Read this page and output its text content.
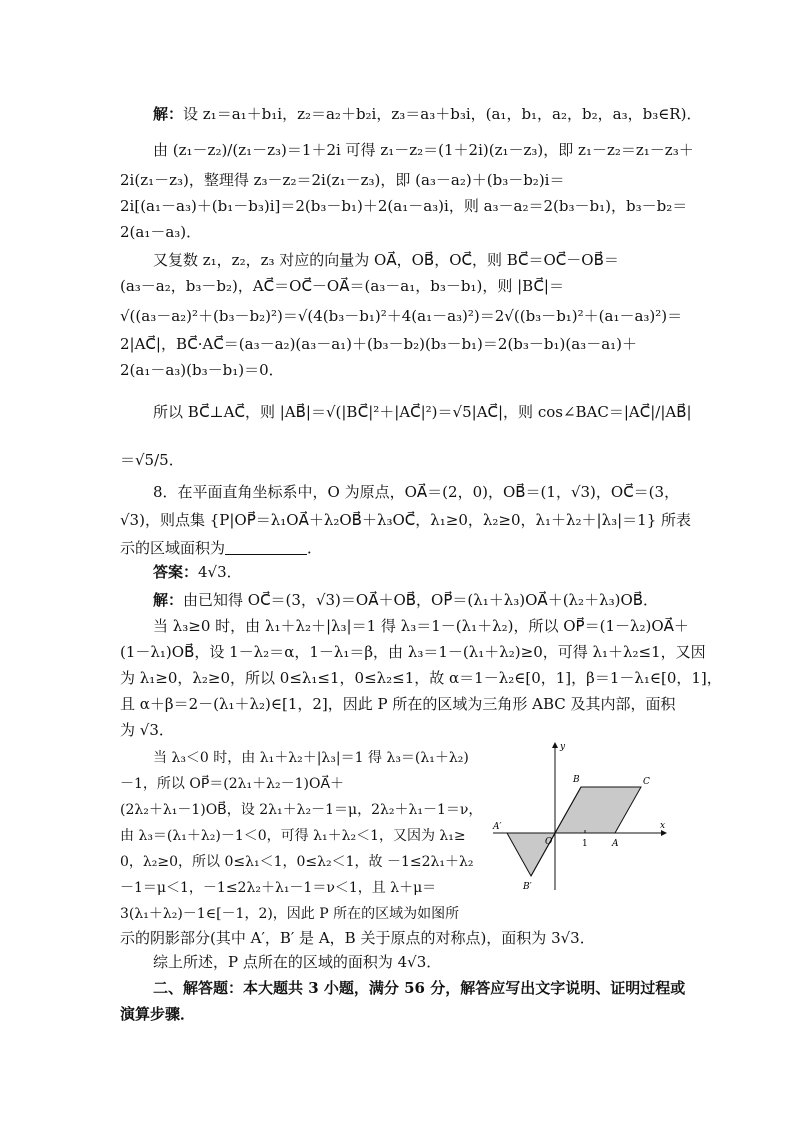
解：设 z₁＝a₁＋b₁i，z₂＝a₂＋b₂i，z₃＝a₃＋b₃i，(a₁，b₁，a₂，b₂，a₃，b₃∈R)．
由 (z₁－z₂)/(z₁－z₃)＝1＋2i 可得 z₁－z₂＝(1＋2i)(z₁－z₃)，即 z₁－z₂＝z₁－z₃＋
2i(z₁－z₃)，整理得 z₃－z₂＝2i(z₁－z₃)，即 (a₃－a₂)＋(b₃－b₂)i＝
2i[(a₁－a₃)＋(b₁－b₃)i]＝2(b₃－b₁)＋2(a₁－a₃)i，则 a₃－a₂＝2(b₃－b₁)，b₃－b₂＝
2(a₁－a₃)．
又复数 z₁，z₂，z₃ 对应的向量为 OA⃗，OB⃗，OC⃗，则 BC⃗＝OC⃗－OB⃗＝
(a₃－a₂，b₃－b₂)，AC⃗＝OC⃗－OA⃗＝(a₃－a₁，b₃－b₁)，则 |BC⃗|＝
√((a₃－a₂)²＋(b₃－b₂)²)＝√(4(b₃－b₁)²＋4(a₁－a₃)²)＝2√((b₃－b₁)²＋(a₁－a₃)²)＝
2|AC⃗|，BC⃗·AC⃗＝(a₃－a₂)(a₃－a₁)＋(b₃－b₂)(b₃－b₁)＝2(b₃－b₁)(a₃－a₁)＋
2(a₁－a₃)(b₃－b₁)＝0．
所以 BC⃗⊥AC⃗，则 |AB⃗|＝√(|BC⃗|²＋|AC⃗|²)＝√5|AC⃗|，则 cos∠BAC＝|AC⃗|/|AB⃗|
＝√5/5．
8．在平面直角坐标系中，O 为原点，OA⃗＝(2，0)，OB⃗＝(1，√3)，OC⃗＝(3，
√3)，则点集 {P|OP⃗＝λ₁OA⃗＋λ₂OB⃗＋λ₃OC⃗，λ₁≥0，λ₂≥0，λ₁＋λ₂＋|λ₃|＝1} 所表
示的区域面积为	．
答案：4√3．
解：由已知得 OC⃗＝(3，√3)＝OA⃗＋OB⃗，OP⃗＝(λ₁＋λ₃)OA⃗＋(λ₂＋λ₃)OB⃗．
当 λ₃≥0 时，由 λ₁＋λ₂＋|λ₃|＝1 得 λ₃＝1－(λ₁＋λ₂)，所以 OP⃗＝(1－λ₂)OA⃗＋
(1－λ₁)OB⃗，设 1－λ₂＝α，1－λ₁＝β，由 λ₃＝1－(λ₁＋λ₂)≥0，可得 λ₁＋λ₂≤1，又因
为 λ₁≥0，λ₂≥0，所以 0≤λ₁≤1，0≤λ₂≤1，故 α＝1－λ₂∈[0，1]，β＝1－λ₁∈[0，1]，
且 α＋β＝2－(λ₁＋λ₂)∈[1，2]，因此 P 所在的区域为三角形 ABC 及其内部，面积
为 √3．
当 λ₃＜0 时，由 λ₁＋λ₂＋|λ₃|＝1 得 λ₃＝(λ₁＋λ₂)
－1，所以 OP⃗＝(2λ₁＋λ₂－1)OA⃗＋
(2λ₂＋λ₁－1)OB⃗，设 2λ₁＋λ₂－1＝μ，2λ₂＋λ₁－1＝ν，
由 λ₃＝(λ₁＋λ₂)－1＜0，可得 λ₁＋λ₂＜1，又因为 λ₁≥
0，λ₂≥0，所以 0≤λ₁＜1，0≤λ₂＜1，故 －1≤2λ₁＋λ₂
－1＝μ＜1，－1≤2λ₂＋λ₁－1＝ν＜1，且 λ＋μ＝
3(λ₁＋λ₂)－1∈[－1，2)，因此 P 所在的区域为如图所
示的阴影部分(其中 A′，B′ 是 A，B 关于原点的对称点)，面积为 3√3．
综上所述，P 点所在的区域的面积为 4√3．
二、解答题：本大题共 3 小题，满分 56 分，解答应写出文字说明、证明过程或
演算步骤．
y
x
B	C
A′
O	1	A
B′
